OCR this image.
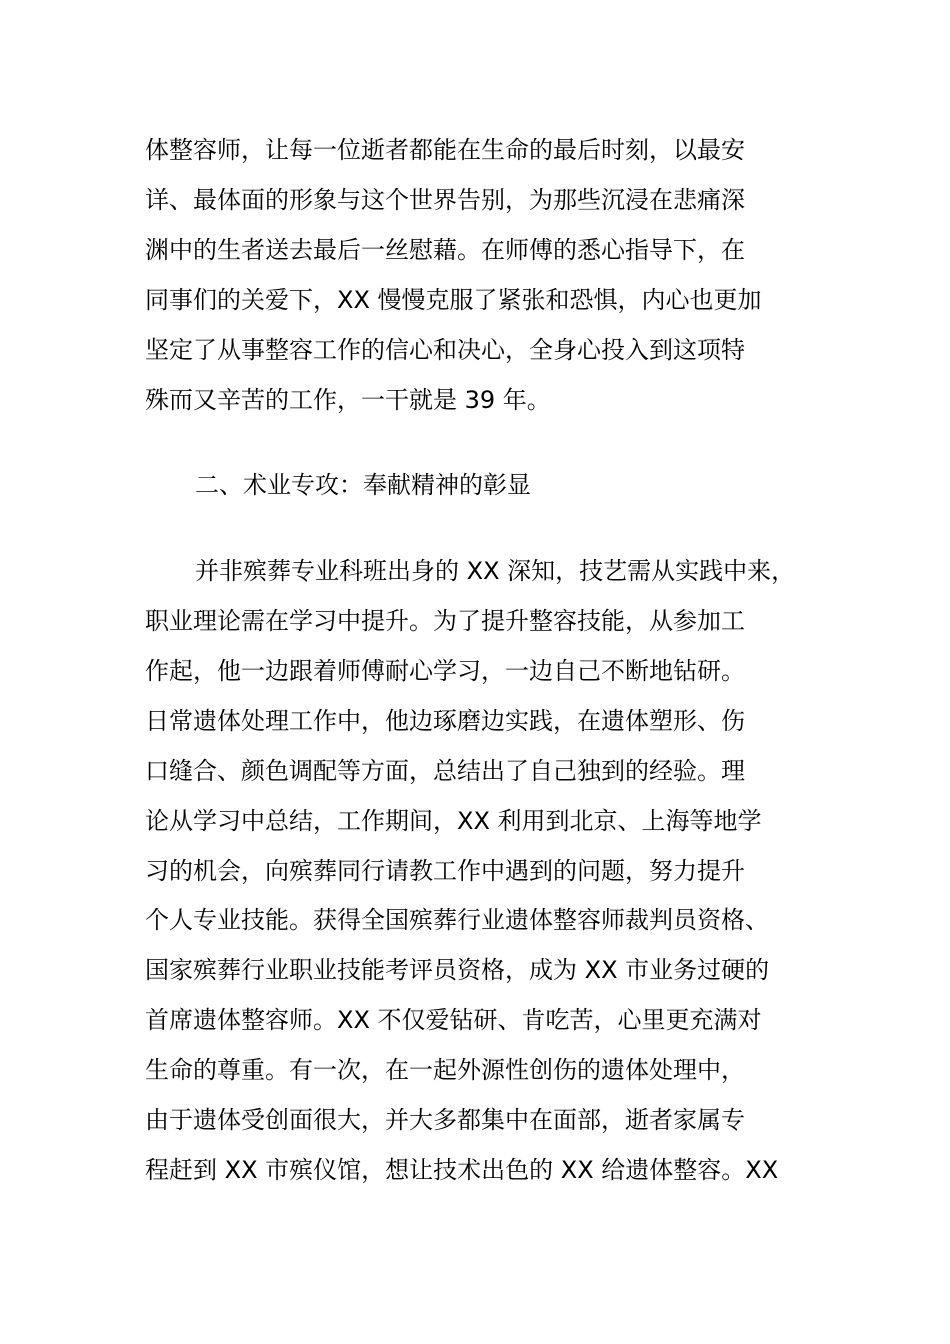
体整容师，让每一位逝者都能在生命的最后时刻，以最安
详、最体面的形象与这个世界告别，为那些沉浸在悲痛深
渊中的生者送去最后一丝慰藉。在师傅的悉心指导下，在
同事们的关爱下，XX 慢慢克服了紧张和恐惧，内心也更加
坚定了从事整容工作的信心和决心，全身心投入到这项特
殊而又辛苦的工作，一干就是 39 年。
二、术业专攻：奉献精神的彰显
并非殡葬专业科班出身的 XX 深知，技艺需从实践中来，
职业理论需在学习中提升。为了提升整容技能，从参加工
作起，他一边跟着师傅耐心学习，一边自己不断地钻研。
日常遗体处理工作中，他边琢磨边实践，在遗体塑形、伤
口缝合、颜色调配等方面，总结出了自己独到的经验。理
论从学习中总结，工作期间，XX 利用到北京、上海等地学
习的机会，向殡葬同行请教工作中遇到的问题，努力提升
个人专业技能。获得全国殡葬行业遗体整容师裁判员资格、
国家殡葬行业职业技能考评员资格，成为 XX 市业务过硬的
首席遗体整容师。XX 不仅爱钻研、肯吃苦，心里更充满对
生命的尊重。有一次，在一起外源性创伤的遗体处理中，
由于遗体受创面很大，并大多都集中在面部，逝者家属专
程赶到 XX 市殡仪馆，想让技术出色的 XX 给遗体整容。XX
